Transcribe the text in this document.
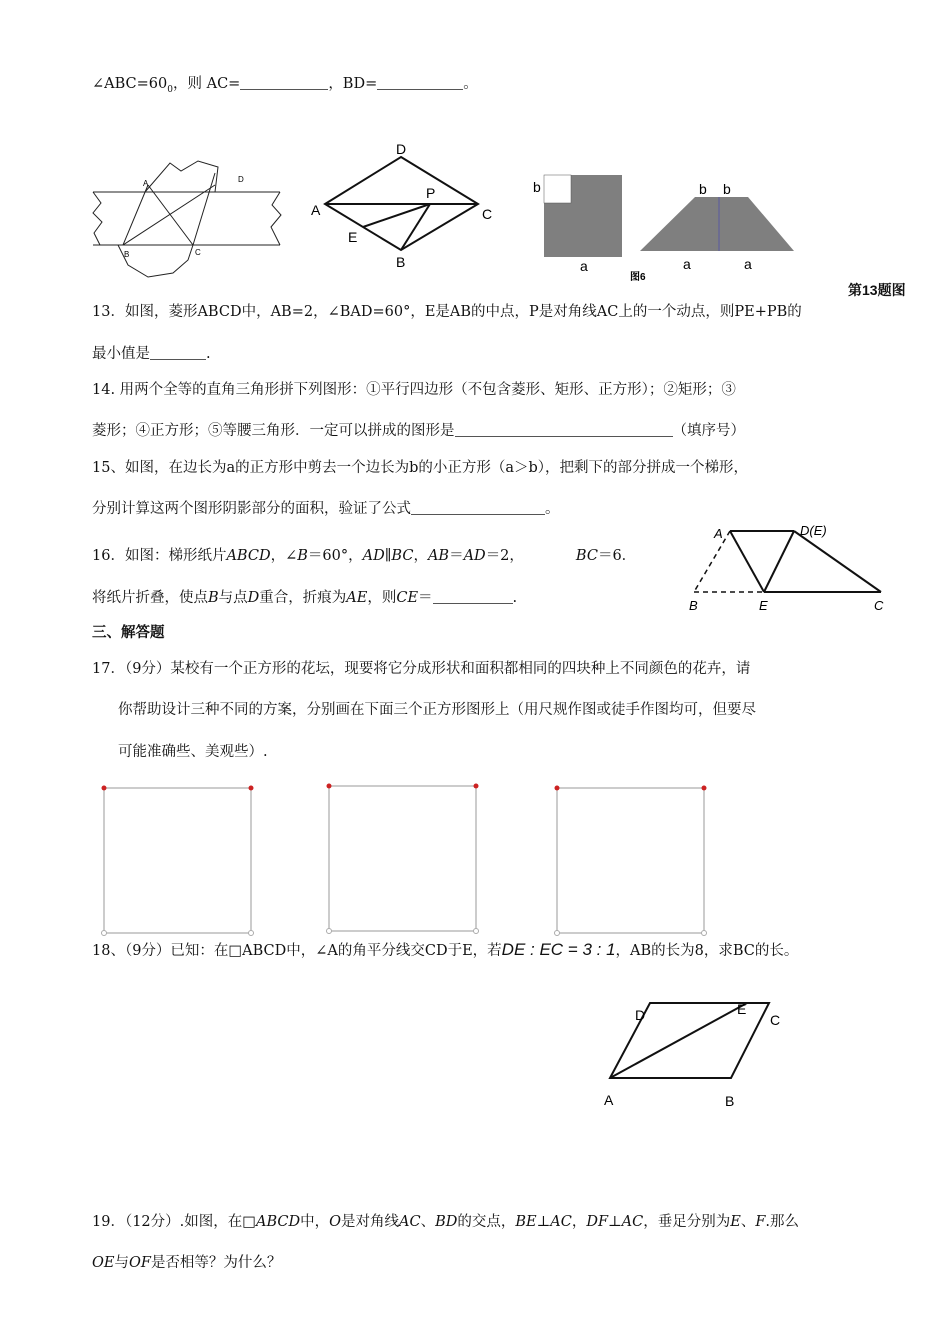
$\angle ABC=60_0$，则 AC=	，BD=	。
A	D
B	C
D
A
P
C
E
B
b
a
图6
b b
a	a
第13题图
13．如图，菱形ABCD中，AB=2，∠BAD=60°，E是AB的中点，P是对角线AC上的一个动点，则PE+PB的
最小值是	.
14. 用两个全等的直角三角形拼下列图形：①平行四边形（不包含菱形、矩形、正方形）；②矩形；③
菱形；④正方形；⑤等腰三角形．一定可以拼成的图形是	（填序号）
15、如图，在边长为a的正方形中剪去一个边长为b的小正方形（a＞b），把剩下的部分拼成一个梯形，
分别计算这两个图形阴影部分的面积，验证了公式	。
16．如图：梯形纸片ABCD，∠B＝60°，AD∥BC，AB＝AD＝2，	BC＝6．
将纸片折叠，使点B与点D重合，折痕为AE，则CE＝	.
A	D(E)
B	E	C
三、解答题
17．（9分）某校有一个正方形的花坛，现要将它分成形状和面积都相同的四块种上不同颜色的花卉，请
你帮助设计三种不同的方案，分别画在下面三个正方形图形上（用尺规作图或徒手作图均可，但要尽
可能准确些、美观些）.
18、（9分）已知：在□ABCD中，∠A的角平分线交CD于E，若DE : EC = 3 : 1，AB的长为8，求BC的长。
D	E
C
A	B
19．（12分）.如图，在□ABCD中，O是对角线AC、BD的交点，BE⊥AC，DF⊥AC，垂足分别为E、F.那么
OE与OF是否相等？为什么？
